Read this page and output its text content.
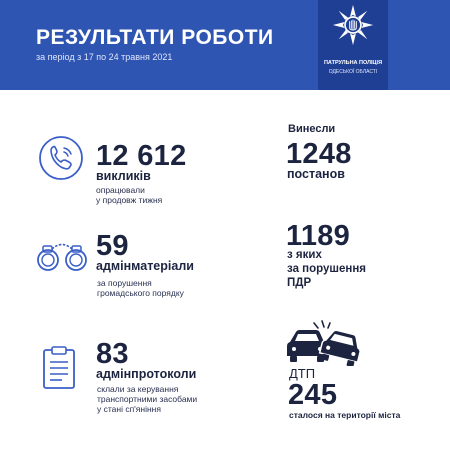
РЕЗУЛЬТАТИ РОБОТИ
за період з 17 по 24 травня 2021
ПАТРУЛЬНА ПОЛІЦІЯ
ОДЕСЬКОЇ ОБЛАСТІ
12 612
викликів
опрацювали
у продовж тижня
Винесли
1248
постанов
59
адмінматеріали
за порушення
громадського порядку
1189
з яких
за порушення
ПДР
83
адмінпротоколи
склали за керування
транспортними засобами
у стані сп'яніння
ДТП
245
сталося на території міста
